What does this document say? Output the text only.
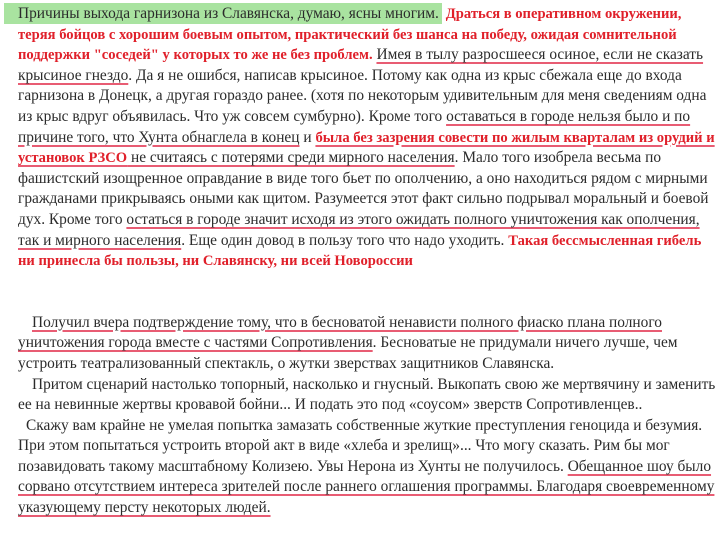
Причины выхода гарнизона из Славянска, думаю, ясны многим. Драться в оперативном окружении, теряя бойцов с хорошим боевым опытом, практический без шанса на победу, ожидая сомнительной поддержки "соседей" у которых то же не без проблем. Имея в тылу разросшееся осиное, если не сказать крысиное гнездо. Да я не ошибся, написав крысиное. Потому как одна из крыс сбежала еще до входа гарнизона в Донецк, а другая гораздо ранее. (хотя по некоторым удивительным для меня сведениям одна из крыс вдруг объявилась. Что уж совсем сумбурно). Кроме того оставаться в городе нельзя было и по причине того, что Хунта обнаглела в конец и была без зазрения совести по жилым кварталам из орудий и установок РЗСО не считаясь с потерями среди мирного населения. Мало того изобрела весьма по фашистский изощренное оправдание в виде того бьет по ополчению, а оно находиться рядом с мирными гражданами прикрываясь оными как щитом. Разумеется этот факт сильно подрывал моральный и боевой дух. Кроме того остаться в городе значит исходя из этого ожидать полного уничтожения как ополчения, так и мирного населения. Еще один довод в пользу того что надо уходить. Такая бессмысленная гибель ни принесла бы пользы, ни Славянску, ни всей Новороссии

Получил вчера подтверждение тому, что в бесноватой ненависти полного фиаско плана полного уничтожения города вместе с частями Сопротивления. Бесноватые не придумали ничего лучше, чем устроить театрализованный спектакль, о жутки зверствах защитников Славянска.

Притом сценарий настолько топорный, насколько и гнусный. Выкопать свою же мертвячину и заменить ее на невинные жертвы кровавой бойни... И подать это под «соусом» зверств Сопротивленцев..

Скажу вам крайне не умелая попытка замазать собственные жуткие преступления геноцида и безумия. При этом попытаться устроить второй акт в виде «хлеба и зрелищ»... Что могу сказать. Рим бы мог позавидовать такому масштабному Колизею. Увы Нерона из Хунты не получилось. Обещанное шоу было сорвано отсутствием интереса зрителей после раннего оглашения программы. Благодаря своевременному указующему персту некоторых людей.
